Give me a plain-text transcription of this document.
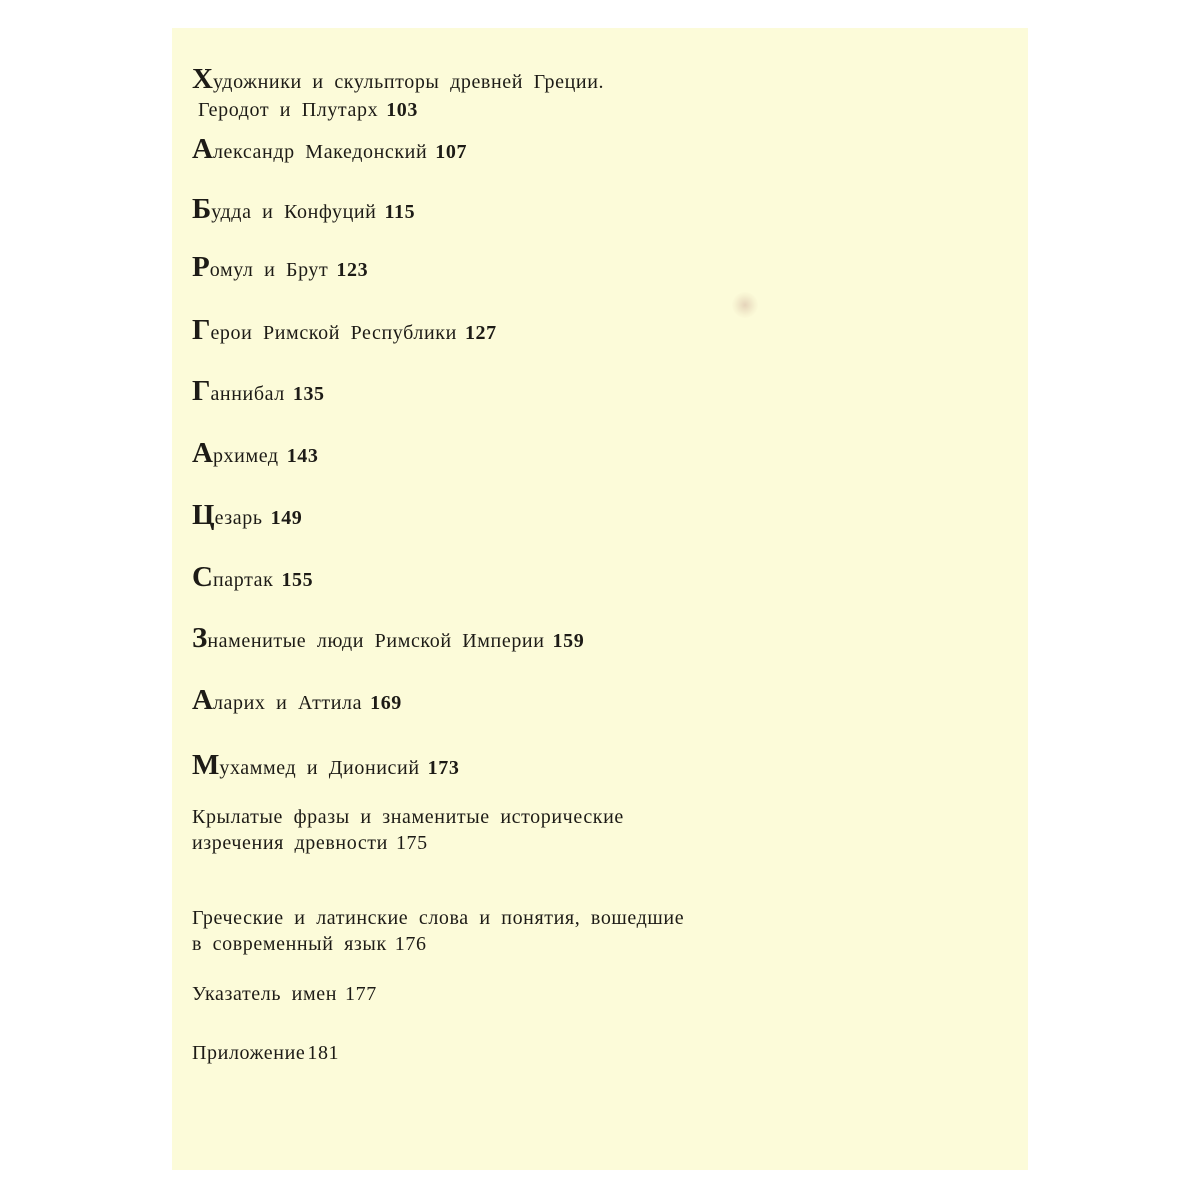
Художники и скульпторы древней Греции.
Геродот и Плутарх 103
Александр Македонский 107
Будда и Конфуций 115
Ромул и Брут 123
Герои Римской Республики 127
Ганнибал 135
Архимед 143
Цезарь 149
Спартак 155
Знаменитые люди Римской Империи 159
Аларих и Аттила 169
Мухаммед и Дионисий 173
Крылатые фразы и знаменитые исторические
изречения древности 175
Греческие и латинские слова и понятия, вошедшие
в современный язык 176
Указатель имен 177
Приложение 181
